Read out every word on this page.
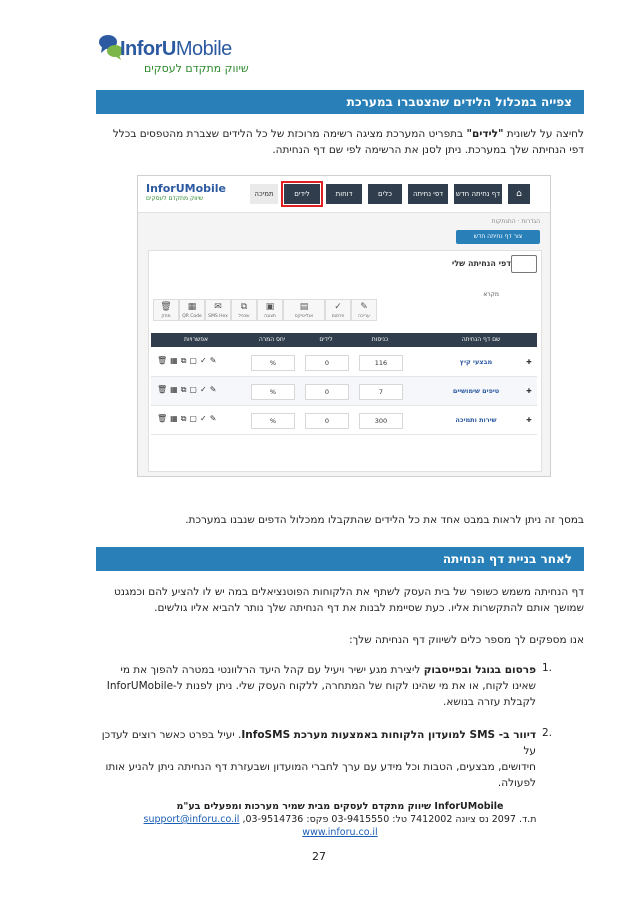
InforUMobile
שיווק מתקדם לעסקים
צפייה במכלול הלידים שהצטברו במערכת
לחיצה על לשונית "לידים" בתפריט המערכת מציגה רשימה מרוכזת של כל הלידים שצברת מהטפסים בכלל
דפי הנחיתה שלך במערכת. ניתן לסנן את הרשימה לפי שם דף הנחיתה.
InforUMobile
שיווק מתקדם לעסקים
תמיכה	לידים	דוחות	כלים	דפי נחיתה	דף נחיתה חדש	⌂
הגדרות · התנתקות
צור דף נחיתה חדש
דפי הנחיתה שלי
מקרא
🗑
מחק
▦
QR Code
✉
SMS Hex
⧉
שכפל
▣
תצוגה
▤
אנליטיקס
✓
פרסום
✎
עריכה
אפשרויות	יחס המרה	לידים	כניסות	שם דף הנחיתה
🗑▦⧉▢✓✎	%	0	116	מבצעי קיץ	✚
🗑▦⧉▢✓✎	%	0	7	טיפים שימושיים	✚
🗑▦⧉▢✓✎	%	0	300	שירות ותמיכה	✚
במסך זה ניתן לראות במבט אחד את כל הלידים שהתקבלו ממכלול הדפים שנבנו במערכת.
לאחר בניית דף הנחיתה
דף הנחיתה משמש כשופר של בית העסק לשתף את הלקוחות הפוטנציאלים במה יש לו להציע להם וכמגנט
שמושך אותם להתקשרות אליו. כעת שסיימת לבנות את דף הנחיתה שלך נותר להביא אליו גולשים.
אנו מספקים לך מספר כלים לשיווק דף הנחיתה שלך:
1.
פרסום בגוגל ובפייסבוק ליצירת מגע ישיר ויעיל עם קהל היעד הרלוונטי במטרה להפוך את מי
שאינו לקוח, או את מי שהינו לקוח של המתחרה, ללקוח העסק שלי. ניתן לפנות ל-InforUMobile
לקבלת עזרה בנושא.
2.
דיוור ב- SMS למועדון הלקוחות באמצעות מערכת InfoSMS. יעיל בפרט כאשר רוצים לעדכן על
חידושים, מבצעים, הטבות וכל מידע עם ערך לחברי המועדון ושבעזרת דף הנחיתה ניתן להניע אותו
לפעולה.
InforUMobile שיווק מתקדם לעסקים מבית שמיר מערכות ומפעלים בע"מ
ת.ד. 2097 נס ציונה 7412002 טל: 03-9415550 פקס: 03-9514736, support@inforu.co.il
www.inforu.co.il
27
